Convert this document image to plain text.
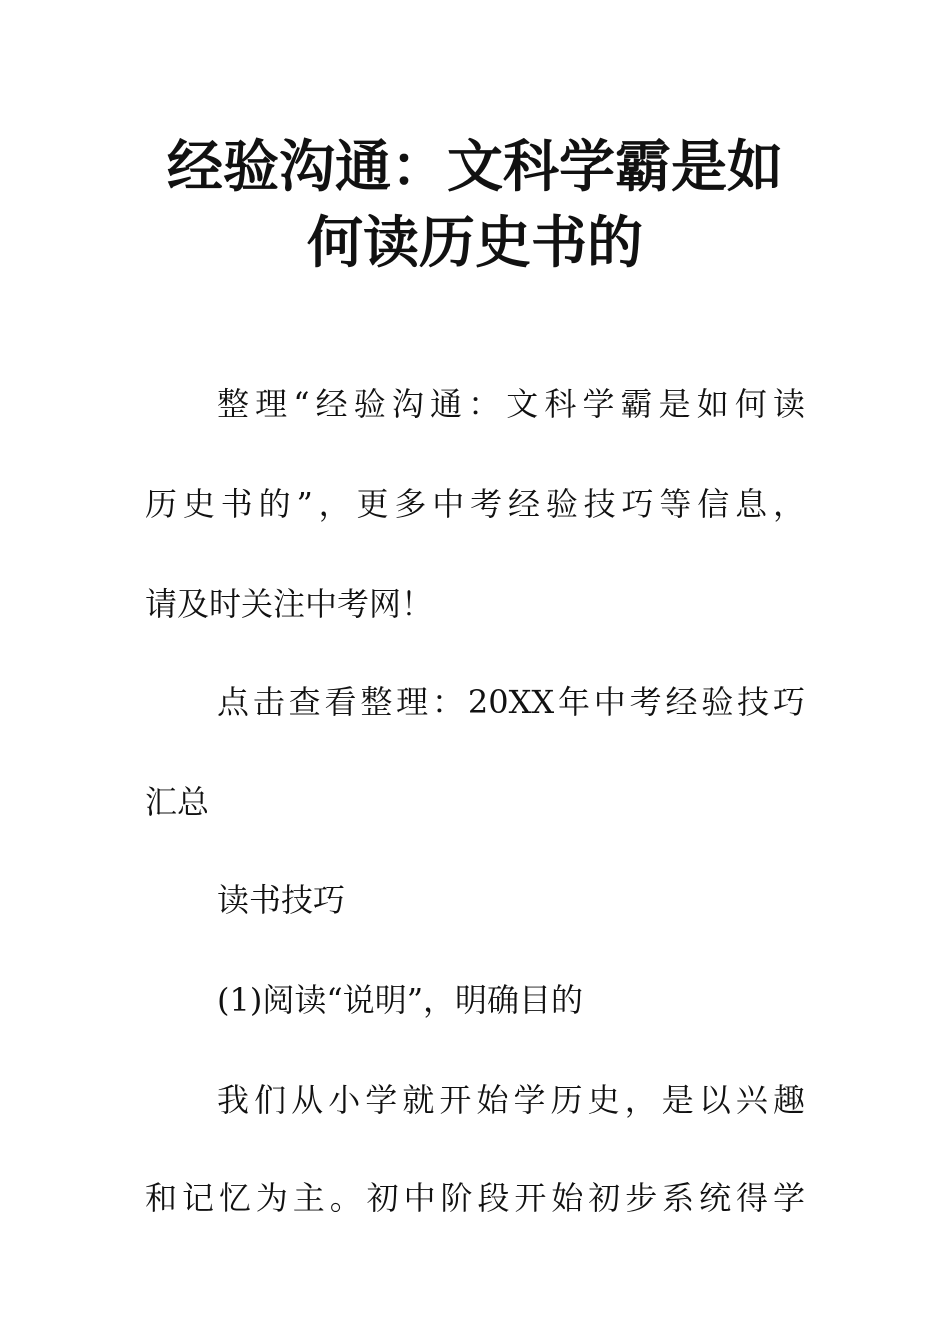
经验沟通：文科学霸是如
何读历史书的

整理“经验沟通：文科学霸是如何读

历史书的”，更多中考经验技巧等信息，

请及时关注中考网！

点击查看整理：20XX年中考经验技巧

汇总

读书技巧

(1)阅读“说明”，明确目的

我们从小学就开始学历史，是以兴趣

和记忆为主。初中阶段开始初步系统得学
